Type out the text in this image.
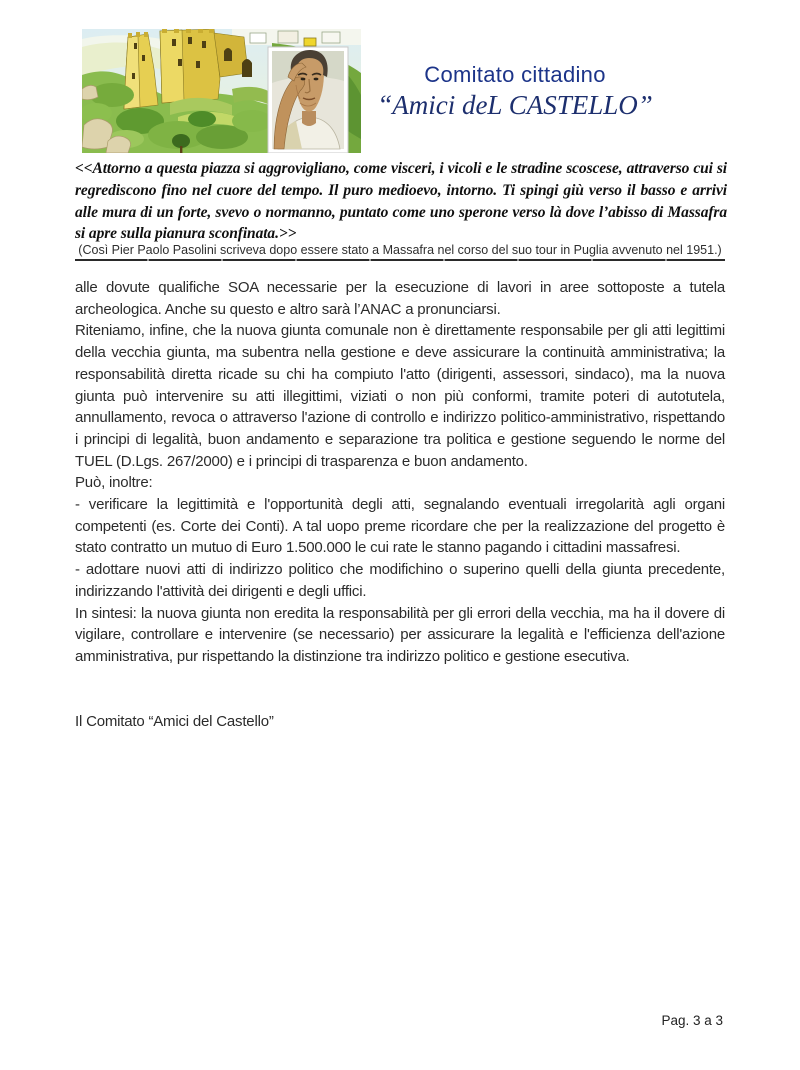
Comitato cittadino
“Amici deL CASTELLO”
<<Attorno a questa piazza si aggrovigliano, come visceri, i vicoli e le stradine scoscese, attraverso cui si regrediscono fino nel cuore del tempo. Il puro medioevo, intorno. Ti spingi giù verso il basso e arrivi alle mura di un forte, svevo o normanno, puntato come uno sperone verso là dove l’abisso di Massafra si apre sulla pianura sconfinata.>>
(Così Pier Paolo Pasolini scriveva dopo essere stato a Massafra nel corso del suo tour in Puglia avvenuto nel 1951.)

alle dovute qualifiche SOA necessarie per la esecuzione di lavori in aree sottoposte a tutela archeologica. Anche su questo e altro sarà l’ANAC a pronunciarsi.

Riteniamo, infine, che la nuova giunta comunale non è direttamente responsabile per gli atti legittimi della vecchia giunta, ma subentra nella gestione e deve assicurare la continuità amministrativa; la responsabilità diretta ricade su chi ha compiuto l'atto (dirigenti, assessori, sindaco), ma la nuova giunta può intervenire su atti illegittimi, viziati o non più conformi, tramite poteri di autotutela, annullamento, revoca o attraverso l'azione di controllo e indirizzo politico-amministrativo, rispettando i principi di legalità, buon andamento e separazione tra politica e gestione seguendo le norme del TUEL (D.Lgs. 267/2000) e i principi di trasparenza e buon andamento.

Può, inoltre:

- verificare la legittimità e l'opportunità degli atti, segnalando eventuali irregolarità agli organi competenti (es. Corte dei Conti). A tal uopo preme ricordare che per la realizzazione del progetto è stato contratto un mutuo di Euro 1.500.000 le cui rate le stanno pagando i cittadini massafresi.

- adottare nuovi atti di indirizzo politico che modifichino o superino quelli della giunta precedente, indirizzando l'attività dei dirigenti e degli uffici.

In sintesi: la nuova giunta non eredita la responsabilità per gli errori della vecchia, ma ha il dovere di vigilare, controllare e intervenire (se necessario) per assicurare la legalità e l'efficienza dell'azione amministrativa, pur rispettando la distinzione tra indirizzo politico e gestione esecutiva.

Il Comitato “Amici del Castello”

Pag. 3 a 3
